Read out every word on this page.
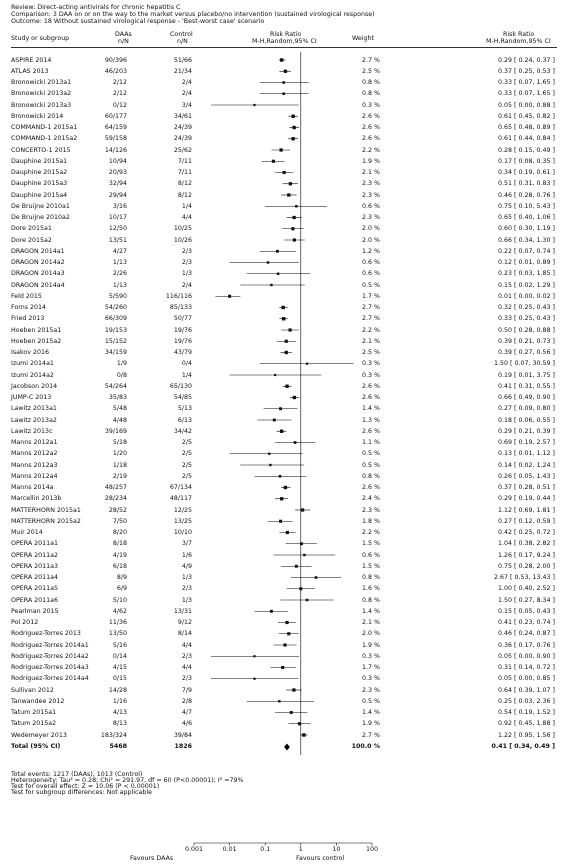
Review: Direct-acting antivirals for chronic hepatitis C
Comparison: 3 DAA on or on the way to the market versus placebo/no intervention (sustained virological response)
Outcome: 18 Without sustained virological response - 'Best-worst case' scenario
Study or subgroup
DAAs
n/N
Control
n/N
Risk Ratio
M-H,Random,95% CI	Weight
Risk Ratio
M-H,Random,95% CI
ASPIRE 2014	90/396	51/66	2.7 %	0.29 [ 0.24, 0.37 ]
ATLAS 2013	46/203	21/34	2.5 %	0.37 [ 0.25, 0.53 ]
Bronowicki 2013a1	2/12	2/4	0.8 %	0.33 [ 0.07, 1.65 ]
Bronowicki 2013a2	2/12	2/4	0.8 %	0.33 [ 0.07, 1.65 ]
Bronowicki 2013a3	0/12	3/4	0.3 %	0.05 [ 0.00, 0.88 ]
Bronowicki 2014	60/177	34/61	2.6 %	0.61 [ 0.45, 0.82 ]
COMMAND-1 2015a1	64/159	24/39	2.6 %	0.65 [ 0.48, 0.89 ]
COMMAND-1 2015a2	59/158	24/39	2.6 %	0.61 [ 0.44, 0.84 ]
CONCERTO-1 2015	14/126	25/62	2.2 %	0.28 [ 0.15, 0.49 ]
Dauphine 2015a1	10/94	7/11	1.9 %	0.17 [ 0.08, 0.35 ]
Dauphine 2015a2	20/93	7/11	2.1 %	0.34 [ 0.19, 0.61 ]
Dauphine 2015a3	32/94	8/12	2.3 %	0.51 [ 0.31, 0.83 ]
Dauphine 2015a4	29/94	8/12	2.3 %	0.46 [ 0.28, 0.76 ]
De Bruijne 2010a1	3/16	1/4	0.6 %	0.75 [ 0.10, 5.43 ]
De Bruijne 2010a2	10/17	4/4	2.3 %	0.65 [ 0.40, 1.06 ]
Dore 2015a1	12/50	10/25	2.0 %	0.60 [ 0.30, 1.19 ]
Dore 2015a2	13/51	10/26	2.0 %	0.66 [ 0.34, 1.30 ]
DRAGON 2014a1	4/27	2/3	1.2 %	0.22 [ 0.07, 0.74 ]
DRAGON 2014a2	1/13	2/3	0.6 %	0.12 [ 0.01, 0.89 ]
DRAGON 2014a3	2/26	1/3	0.6 %	0.23 [ 0.03, 1.85 ]
DRAGON 2014a4	1/13	2/4	0.5 %	0.15 [ 0.02, 1.29 ]
Feld 2015	5/590	116/116	1.7 %	0.01 [ 0.00, 0.02 ]
Forns 2014	54/260	85/133	2.7 %	0.32 [ 0.25, 0.43 ]
Fried 2013	66/309	50/77	2.7 %	0.33 [ 0.25, 0.43 ]
Hoeben 2015a1	19/153	19/76	2.2 %	0.50 [ 0.28, 0.88 ]
Hoeben 2015a2	15/152	19/76	2.1 %	0.39 [ 0.21, 0.73 ]
Isakov 2016	34/159	43/79	2.5 %	0.39 [ 0.27, 0.56 ]
Izumi 2014a1	1/9	0/4	0.3 %	1.50 [ 0.07, 30.59 ]
Izumi 2014a2	0/8	1/4	0.3 %	0.19 [ 0.01, 3.75 ]
Jacobson 2014	54/264	65/130	2.6 %	0.41 [ 0.31, 0.55 ]
JUMP-C 2013	35/83	54/85	2.6 %	0.66 [ 0.49, 0.90 ]
Lawitz 2013a1	5/48	5/13	1.4 %	0.27 [ 0.09, 0.80 ]
Lawitz 2013a2	4/48	6/13	1.3 %	0.18 [ 0.06, 0.55 ]
Lawitz 2013c	39/169	34/42	2.6 %	0.29 [ 0.21, 0.39 ]
Manns 2012a1	5/18	2/5	1.1 %	0.69 [ 0.19, 2.57 ]
Manns 2012a2	1/20	2/5	0.5 %	0.13 [ 0.01, 1.12 ]
Manns 2012a3	1/18	2/5	0.5 %	0.14 [ 0.02, 1.24 ]
Manns 2012a4	2/19	2/5	0.8 %	0.26 [ 0.05, 1.43 ]
Manns 2014a	48/257	67/134	2.6 %	0.37 [ 0.28, 0.51 ]
Marcellin 2013b	28/234	48/117	2.4 %	0.29 [ 0.19, 0.44 ]
MATTERHORN 2015a1	28/52	12/25	2.3 %	1.12 [ 0.69, 1.81 ]
MATTERHORN 2015a2	7/50	13/25	1.8 %	0.27 [ 0.12, 0.59 ]
Muir 2014	8/20	10/10	2.2 %	0.42 [ 0.25, 0.72 ]
OPERA 2011a1	8/18	3/7	1.5 %	1.04 [ 0.38, 2.82 ]
OPERA 2011a2	4/19	1/6	0.6 %	1.26 [ 0.17, 9.24 ]
OPERA 2011a3	6/18	4/9	1.5 %	0.75 [ 0.28, 2.00 ]
OPERA 2011a4	8/9	1/3	0.8 %	2.67 [ 0.53, 13.43 ]
OPERA 2011a5	6/9	2/3	1.6 %	1.00 [ 0.40, 2.52 ]
OPERA 2011a6	5/10	1/3	0.8 %	1.50 [ 0.27, 8.34 ]
Pearlman 2015	4/62	13/31	1.4 %	0.15 [ 0.05, 0.43 ]
Pol 2012	11/36	9/12	2.1 %	0.41 [ 0.23, 0.74 ]
Rodriguez-Torres 2013	13/50	8/14	2.0 %	0.46 [ 0.24, 0.87 ]
Rodriguez-Torres 2014a1	5/16	4/4	1.9 %	0.36 [ 0.17, 0.76 ]
Rodriguez-Torres 2014a2	0/14	2/3	0.3 %	0.05 [ 0.00, 0.90 ]
Rodriguez-Torres 2014a3	4/15	4/4	1.7 %	0.31 [ 0.14, 0.72 ]
Rodriguez-Torres 2014a4	0/15	2/3	0.3 %	0.05 [ 0.00, 0.85 ]
Sullivan 2012	14/28	7/9	2.3 %	0.64 [ 0.39, 1.07 ]
Tanwandee 2012	1/16	2/8	0.5 %	0.25 [ 0.03, 2.36 ]
Tatum 2015a1	4/13	4/7	1.4 %	0.54 [ 0.19, 1.52 ]
Tatum 2015a2	8/13	4/6	1.9 %	0.92 [ 0.45, 1.88 ]
Wedemeyer 2013	183/324	39/84	2.7 %	1.22 [ 0.95, 1.56 ]
Total (95% CI)	5468	1826	100.0 %	0.41 [ 0.34, 0.49 ]
0.001	0.01	0.1	1	10	100
Total events: 1217 (DAAs), 1013 (Control)
Heterogeneity: Tau² = 0.28; Chi² = 291.97, df = 60 (P<0.00001); I² =79%
Test for overall effect: Z = 10.06 (P < 0.00001)
Test for subgroup differences: Not applicable
Favours DAAs	Favours control
